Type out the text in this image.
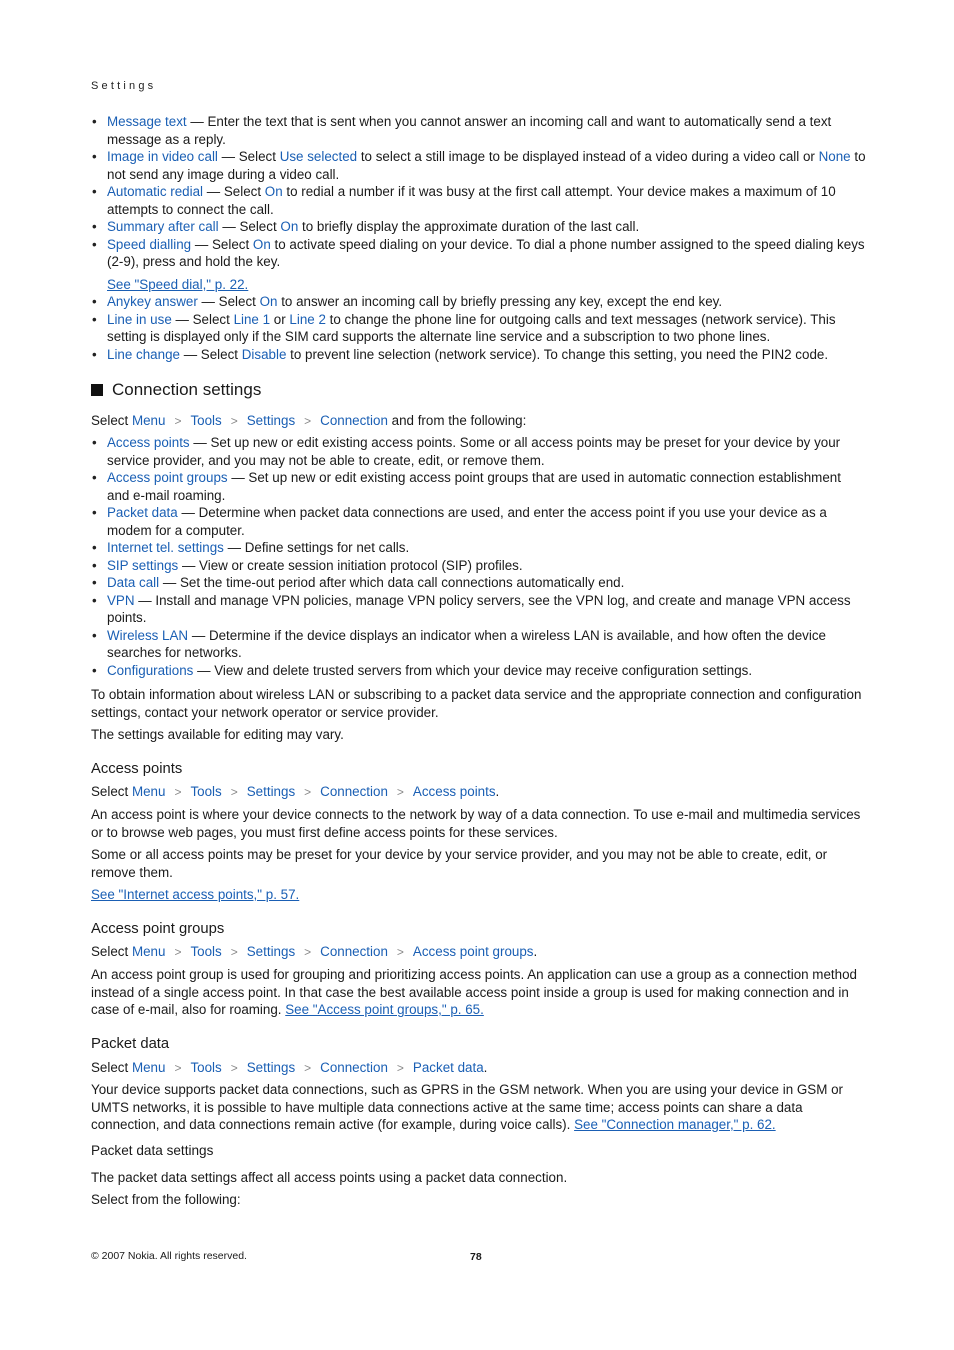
Settings
• Message text — Enter the text that is sent when you cannot answer an incoming call and want to automatically send a text message as a reply.
• Image in video call — Select Use selected to select a still image to be displayed instead of a video during a video call or None to not send any image during a video call.
• Automatic redial — Select On to redial a number if it was busy at the first call attempt. Your device makes a maximum of 10 attempts to connect the call.
• Summary after call — Select On to briefly display the approximate duration of the last call.
• Speed dialling — Select On to activate speed dialing on your device. To dial a phone number assigned to the speed dialing keys (2-9), press and hold the key.
See "Speed dial," p. 22.
• Anykey answer — Select On to answer an incoming call by briefly pressing any key, except the end key.
• Line in use — Select Line 1 or Line 2 to change the phone line for outgoing calls and text messages (network service). This setting is displayed only if the SIM card supports the alternate line service and a subscription to two phone lines.
• Line change — Select Disable to prevent line selection (network service). To change this setting, you need the PIN2 code.
Connection settings

Select Menu > Tools > Settings > Connection and from the following:

• Access points — Set up new or edit existing access points. Some or all access points may be preset for your device by your service provider, and you may not be able to create, edit, or remove them.
• Access point groups — Set up new or edit existing access point groups that are used in automatic connection establishment and e-mail roaming.
• Packet data — Determine when packet data connections are used, and enter the access point if you use your device as a modem for a computer.
• Internet tel. settings — Define settings for net calls.
• SIP settings — View or create session initiation protocol (SIP) profiles.
• Data call — Set the time-out period after which data call connections automatically end.
• VPN — Install and manage VPN policies, manage VPN policy servers, see the VPN log, and create and manage VPN access points.
• Wireless LAN — Determine if the device displays an indicator when a wireless LAN is available, and how often the device searches for networks.
• Configurations — View and delete trusted servers from which your device may receive configuration settings.

To obtain information about wireless LAN or subscribing to a packet data service and the appropriate connection and configuration settings, contact your network operator or service provider.

The settings available for editing may vary.

Access points

Select Menu > Tools > Settings > Connection > Access points.

An access point is where your device connects to the network by way of a data connection. To use e-mail and multimedia services or to browse web pages, you must first define access points for these services.

Some or all access points may be preset for your device by your service provider, and you may not be able to create, edit, or remove them.

See "Internet access points," p. 57.

Access point groups

Select Menu > Tools > Settings > Connection > Access point groups.

An access point group is used for grouping and prioritizing access points. An application can use a group as a connection method instead of a single access point. In that case the best available access point inside a group is used for making connection and in case of e-mail, also for roaming. See "Access point groups," p. 65.

Packet data

Select Menu > Tools > Settings > Connection > Packet data.

Your device supports packet data connections, such as GPRS in the GSM network. When you are using your device in GSM or UMTS networks, it is possible to have multiple data connections active at the same time; access points can share a data connection, and data connections remain active (for example, during voice calls). See "Connection manager," p. 62.

Packet data settings

The packet data settings affect all access points using a packet data connection.

Select from the following:

© 2007 Nokia. All rights reserved.	78
